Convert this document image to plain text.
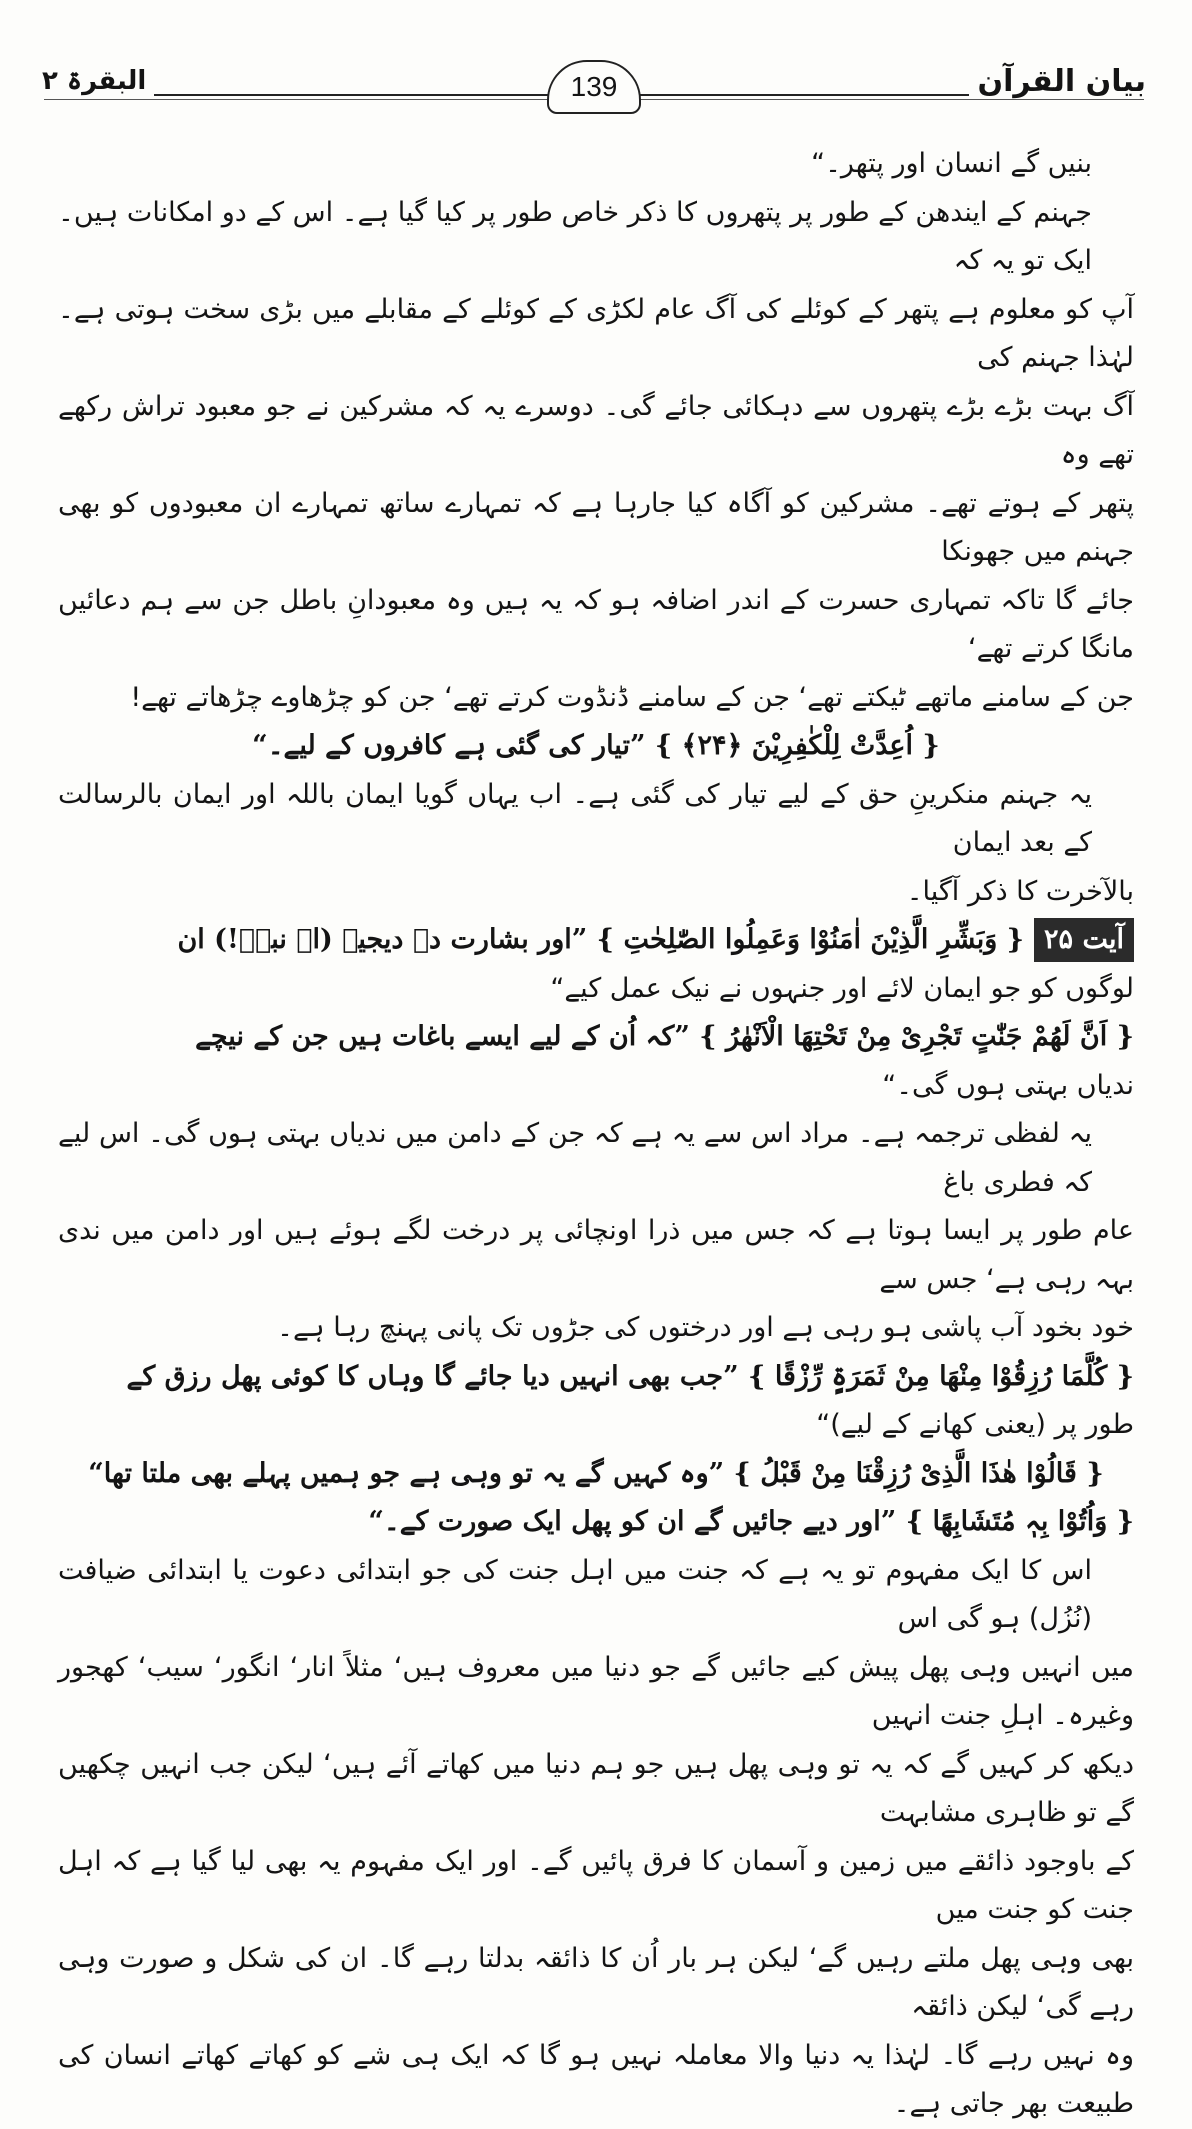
بیان القرآن
139
البقرۃ ۲

بنیں گے انسان اور پتھر۔“

جہنم کے ایندھن کے طور پر پتھروں کا ذکر خاص طور پر کیا گیا ہے۔ اس کے دو امکانات ہیں۔ ایک تو یہ کہ

آپ کو معلوم ہے پتھر کے کوئلے کی آگ عام لکڑی کے کوئلے کے مقابلے میں بڑی سخت ہوتی ہے۔ لہٰذا جہنم کی

آگ بہت بڑے بڑے پتھروں سے دہکائی جائے گی۔ دوسرے یہ کہ مشرکین نے جو معبود تراش رکھے تھے وہ

پتھر کے ہوتے تھے۔ مشرکین کو آگاہ کیا جارہا ہے کہ تمہارے ساتھ تمہارے ان معبودوں کو بھی جہنم میں جھونکا

جائے گا تاکہ تمہاری حسرت کے اندر اضافہ ہو کہ یہ ہیں وہ معبودانِ باطل جن سے ہم دعائیں مانگا کرتے تھے‘

جن کے سامنے ماتھے ٹیکتے تھے‘ جن کے سامنے ڈنڈوت کرتے تھے‘ جن کو چڑھاوے چڑھاتے تھے!

{ اُعِدَّتْ لِلْکٰفِرِیْنَ ﴿۲۴﴾ } ”تیار کی گئی ہے کافروں کے لیے۔“

یہ جہنم منکرینِ حق کے لیے تیار کی گئی ہے۔ اب یہاں گویا ایمان باللہ اور ایمان بالرسالت کے بعد ایمان

بالآخرت کا ذکر آگیا۔

آیت ۲۵{ وَبَشِّرِ الَّذِیْنَ اٰمَنُوْا وَعَمِلُوا الصّٰلِحٰتِ } ”اور بشارت دے دیجیے (اے نبیؐ!) ان

لوگوں کو جو ایمان لائے اور جنہوں نے نیک عمل کیے“

{ اَنَّ لَھُمْ جَنّٰتٍ تَجْرِیْ مِنْ تَحْتِھَا الْاَنْھٰرُ } ”کہ اُن کے لیے ایسے باغات ہیں جن کے نیچے

ندیاں بہتی ہوں گی۔“

یہ لفظی ترجمہ ہے۔ مراد اس سے یہ ہے کہ جن کے دامن میں ندیاں بہتی ہوں گی۔ اس لیے کہ فطری باغ

عام طور پر ایسا ہوتا ہے کہ جس میں ذرا اونچائی پر درخت لگے ہوئے ہیں اور دامن میں ندی بہہ رہی ہے‘ جس سے

خود بخود آب پاشی ہو رہی ہے اور درختوں کی جڑوں تک پانی پہنچ رہا ہے۔

{ کُلَّمَا رُزِقُوْا مِنْھَا مِنْ ثَمَرَۃٍ رِّزْقًا } ”جب بھی انہیں دیا جائے گا وہاں کا کوئی پھل رزق کے

طور پر (یعنی کھانے کے لیے)“

{ قَالُوْا ھٰذَا الَّذِیْ رُزِقْنَا مِنْ قَبْلُ } ”وہ کہیں گے یہ تو وہی ہے جو ہمیں پہلے بھی ملتا تھا“

{ وَاُتُوْا بِہٖ مُتَشَابِھًا } ”اور دیے جائیں گے ان کو پھل ایک صورت کے۔“

اس کا ایک مفہوم تو یہ ہے کہ جنت میں اہل جنت کی جو ابتدائی دعوت یا ابتدائی ضیافت (نُزُل) ہو گی اس

میں انہیں وہی پھل پیش کیے جائیں گے جو دنیا میں معروف ہیں‘ مثلاً انار‘ انگور‘ سیب‘ کھجور وغیرہ۔ اہلِ جنت انہیں

دیکھ کر کہیں گے کہ یہ تو وہی پھل ہیں جو ہم دنیا میں کھاتے آئے ہیں‘ لیکن جب انہیں چکھیں گے تو ظاہری مشابہت

کے باوجود ذائقے میں زمین و آسمان کا فرق پائیں گے۔ اور ایک مفہوم یہ بھی لیا گیا ہے کہ اہل جنت کو جنت میں

بھی وہی پھل ملتے رہیں گے‘ لیکن ہر بار اُن کا ذائقہ بدلتا رہے گا۔ ان کی شکل و صورت وہی رہے گی‘ لیکن ذائقہ

وہ نہیں رہے گا۔ لہٰذا یہ دنیا والا معاملہ نہیں ہو گا کہ ایک ہی شے کو کھاتے کھاتے انسان کی طبیعت بھر جاتی ہے۔
